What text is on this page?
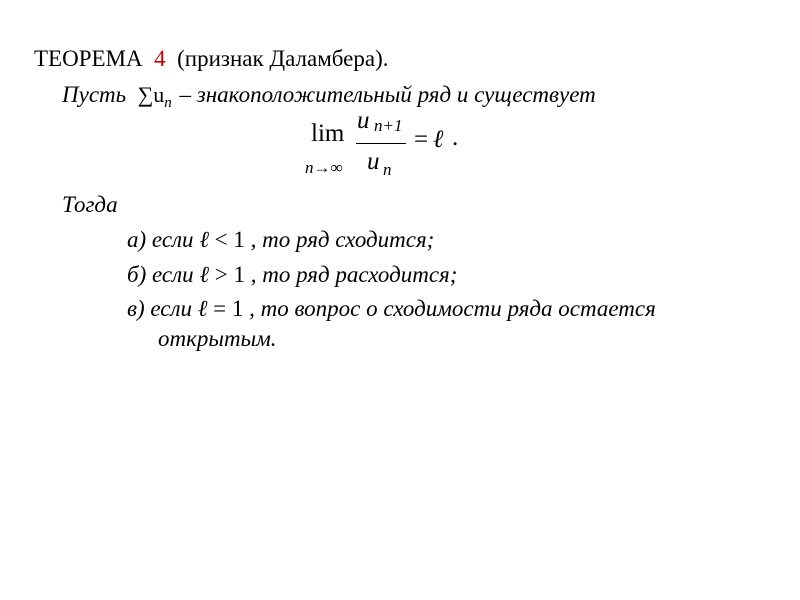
ТЕОРЕМА 4 (признак Даламбера).
Пусть $\sum u_n$ – знакоположительный ряд и существует
lim
n→∞
u n+1
u n
= ℓ .
Тогда
а) если ℓ < 1 , то ряд сходится;
б) если ℓ > 1 , то ряд расходится;
в) если ℓ = 1 , то вопрос о сходимости ряда остается
открытым.
